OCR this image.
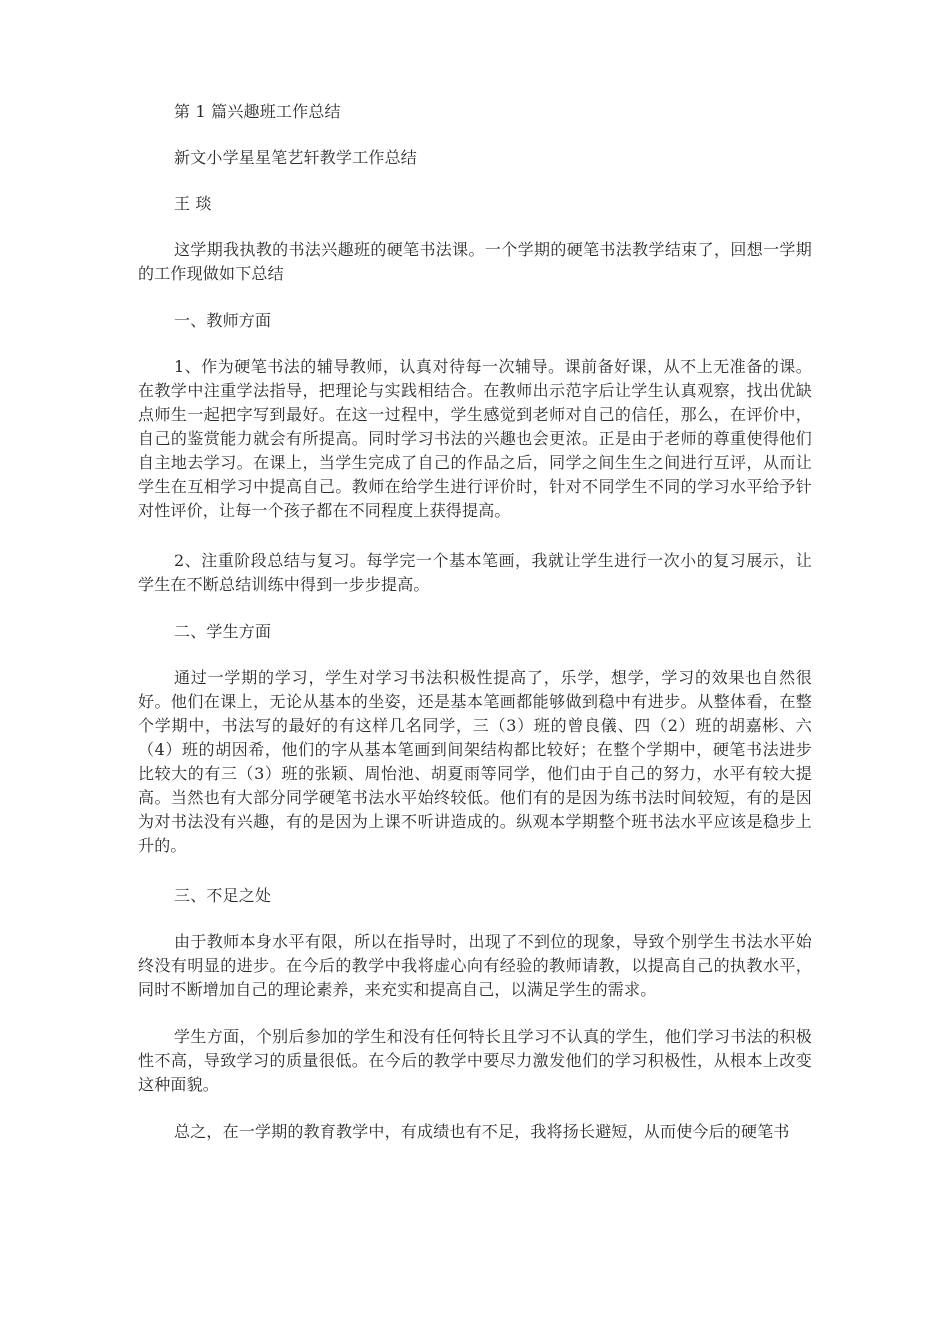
第 1 篇兴趣班工作总结

新文小学星星笔艺轩教学工作总结

王 琰

这学期我执教的书法兴趣班的硬笔书法课。一个学期的硬笔书法教学结束了，回想一学期的工作现做如下总结

一、教师方面

1、作为硬笔书法的辅导教师，认真对待每一次辅导。课前备好课，从不上无准备的课。在教学中注重学法指导，把理论与实践相结合。在教师出示范字后让学生认真观察，找出优缺点师生一起把字写到最好。在这一过程中，学生感觉到老师对自己的信任，那么，在评价中，自己的鉴赏能力就会有所提高。同时学习书法的兴趣也会更浓。正是由于老师的尊重使得他们自主地去学习。在课上，当学生完成了自己的作品之后，同学之间生生之间进行互评，从而让学生在互相学习中提高自己。教师在给学生进行评价时，针对不同学生不同的学习水平给予针对性评价，让每一个孩子都在不同程度上获得提高。

2、注重阶段总结与复习。每学完一个基本笔画，我就让学生进行一次小的复习展示，让学生在不断总结训练中得到一步步提高。

二、学生方面

通过一学期的学习，学生对学习书法积极性提高了，乐学，想学，学习的效果也自然很好。他们在课上，无论从基本的坐姿，还是基本笔画都能够做到稳中有进步。从整体看，在整个学期中，书法写的最好的有这样几名同学，三（3）班的曾良儀、四（2）班的胡嘉彬、六（4）班的胡因希，他们的字从基本笔画到间架结构都比较好；在整个学期中，硬笔书法进步比较大的有三（3）班的张颖、周怡池、胡夏雨等同学，他们由于自己的努力，水平有较大提高。当然也有大部分同学硬笔书法水平始终较低。他们有的是因为练书法时间较短，有的是因为对书法没有兴趣，有的是因为上课不听讲造成的。纵观本学期整个班书法水平应该是稳步上升的。

三、不足之处

由于教师本身水平有限，所以在指导时，出现了不到位的现象，导致个别学生书法水平始终没有明显的进步。在今后的教学中我将虚心向有经验的教师请教，以提高自己的执教水平，同时不断增加自己的理论素养，来充实和提高自己，以满足学生的需求。

学生方面，个别后参加的学生和没有任何特长且学习不认真的学生，他们学习书法的积极性不高，导致学习的质量很低。在今后的教学中要尽力激发他们的学习积极性，从根本上改变这种面貌。

总之，在一学期的教育教学中，有成绩也有不足，我将扬长避短，从而使今后的硬笔书
